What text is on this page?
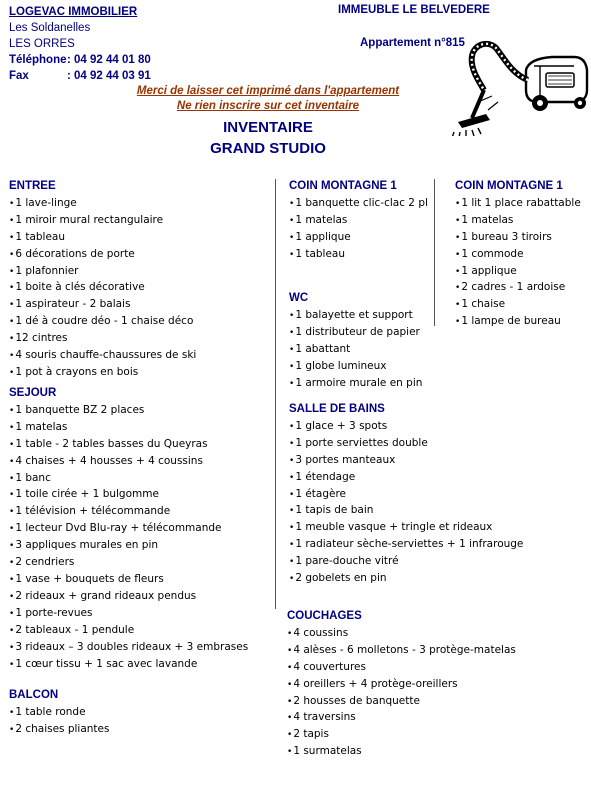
LOGEVAC IMMOBILIER
Les Soldanelles
LES ORRES
Téléphone: 04 92 44 01 80
Fax	: 04 92 44 03 91
IMMEUBLE LE BELVEDERE
Appartement n°815
Merci de laisser cet imprimé dans l'appartement
Ne rien inscrire sur cet inventaire
INVENTAIRE
GRAND STUDIO
ENTREE
• 1 lave-linge
• 1 miroir mural rectangulaire
• 1 tableau
• 6 décorations de porte
• 1 plafonnier
• 1 boite à clés décorative
• 1 aspirateur - 2 balais
• 1 dé à coudre déo - 1 chaise déco
• 12 cintres
• 4 souris chauffe-chaussures de ski
• 1 pot à crayons en bois
SEJOUR
• 1 banquette BZ 2 places
• 1 matelas
• 1 table - 2 tables basses du Queyras
• 4 chaises + 4 housses + 4 coussins
• 1 banc
• 1 toile cirée + 1 bulgomme
• 1 télévision + télécommande
• 1 lecteur Dvd Blu-ray + télécommande
• 3 appliques murales en pin
• 2 cendriers
• 1 vase + bouquets de fleurs
• 2 rideaux + grand rideaux pendus
• 1 porte-revues
• 2 tableaux - 1 pendule
• 3 rideaux – 3 doubles rideaux + 3 embrases
• 1 cœur tissu + 1 sac avec lavande
BALCON
• 1 table ronde
• 2 chaises pliantes
COIN MONTAGNE 1
• 1 banquette clic-clac 2 pl
• 1 matelas
• 1 applique
• 1 tableau
WC
• 1 balayette et support
• 1 distributeur de papier
• 1 abattant
• 1 globe lumineux
• 1 armoire murale en pin
SALLE DE BAINS
• 1 glace + 3 spots
• 1 porte serviettes double
• 3 portes manteaux
• 1 étendage
• 1 étagère
• 1 tapis de bain
• 1 meuble vasque + tringle et rideaux
• 1 radiateur sèche-serviettes + 1 infrarouge
• 1 pare-douche vitré
• 2 gobelets en pin
COUCHAGES
• 4 coussins
• 4 alèses - 6 molletons - 3 protège-matelas
• 4 couvertures
• 4 oreillers + 4 protège-oreillers
• 2 housses de banquette
• 4 traversins
• 2 tapis
• 1 surmatelas
COIN MONTAGNE 1
• 1 lit 1 place rabattable
• 1 matelas
• 1 bureau 3 tiroirs
• 1 commode
• 1 applique
• 2 cadres - 1 ardoise
• 1 chaise
• 1 lampe de bureau
